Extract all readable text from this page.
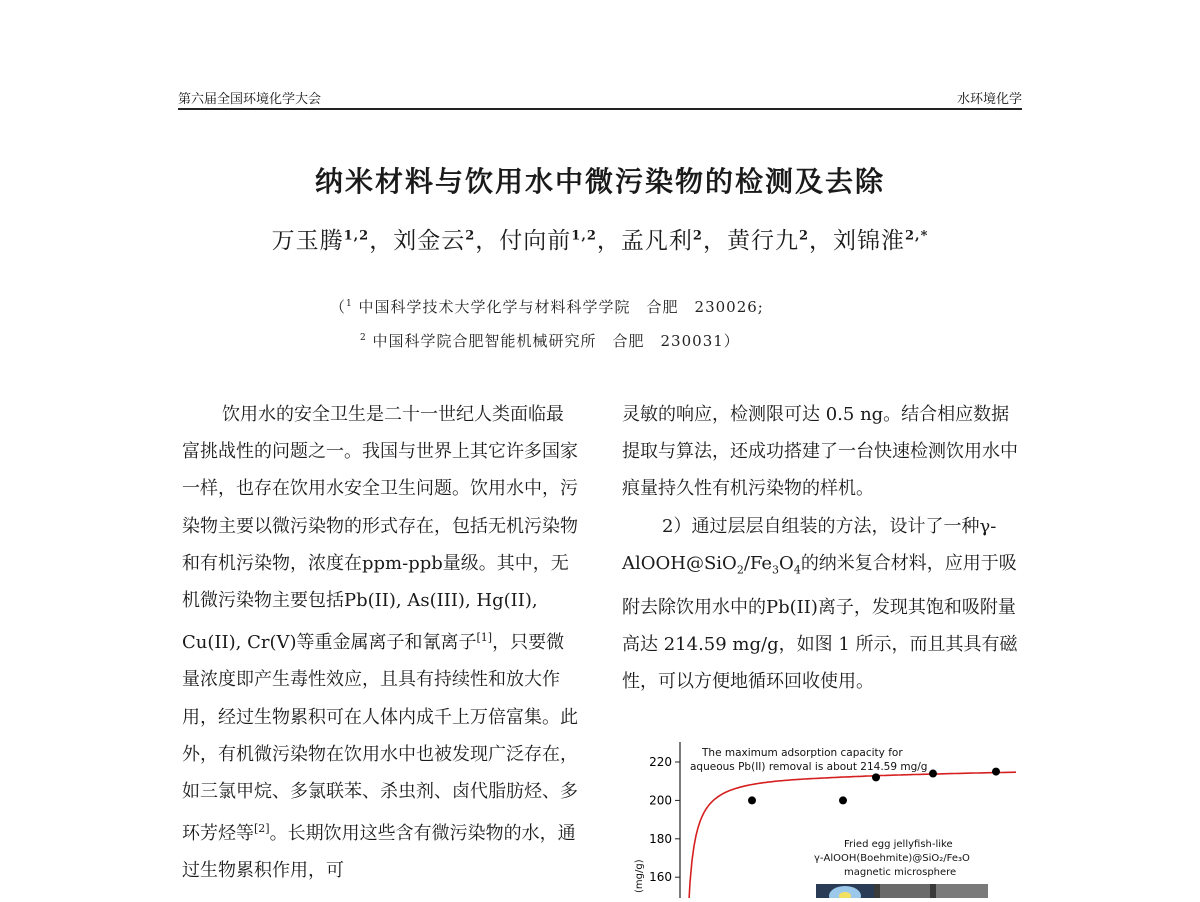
第六届全国环境化学大会	水环境化学
纳米材料与饮用水中微污染物的检测及去除
万玉腾$^{1,2}$，刘金云$^2$，付向前$^{1,2}$，孟凡利$^2$，黄行九$^2$，刘锦淮$^{2,*}$
（$^1$ 中国科学技术大学化学与材料科学学院　合肥　230026;
$^2$ 中国科学院合肥智能机械研究所　合肥　230031）

饮用水的安全卫生是二十一世纪人类面临最富挑战性的问题之一。我国与世界上其它许多国家一样，也存在饮用水安全卫生问题。饮用水中，污染物主要以微污染物的形式存在，包括无机污染物和有机污染物，浓度在ppm-ppb量级。其中，无机微污染物主要包括Pb(II), As(III), Hg(II), Cu(II), Cr(V)等重金属离子和氰离子[1]，只要微量浓度即产生毒性效应，且具有持续性和放大作用，经过生物累积可在人体内成千上万倍富集。此外，有机微污染物在饮用水中也被发现广泛存在，如三氯甲烷、多氯联苯、杀虫剂、卤代脂肪烃、多环芳烃等[2]。长期饮用这些含有微污染物的水，通过生物累积作用，可

灵敏的响应，检测限可达 0.5 ng。结合相应数据提取与算法，还成功搭建了一台快速检测饮用水中痕量持久性有机污染物的样机。

2）通过层层自组装的方法，设计了一种$\gamma-AlOOH@SiO_2/Fe_3O_4$的纳米复合材料，应用于吸附去除饮用水中的Pb(II)离子，发现其饱和吸附量高达 214.59 mg/g，如图 1 所示，而且其具有磁性，可以方便地循环回收使用。

The maximum adsorption capacity for
aqueous Pb(II) removal is about 214.59 mg/g
Fried egg jellyfish-like
γ-AlOOH(Boehmite)@SiO₂/Fe₃O
magnetic microsphere
(mg/g)
220
200
180
160
